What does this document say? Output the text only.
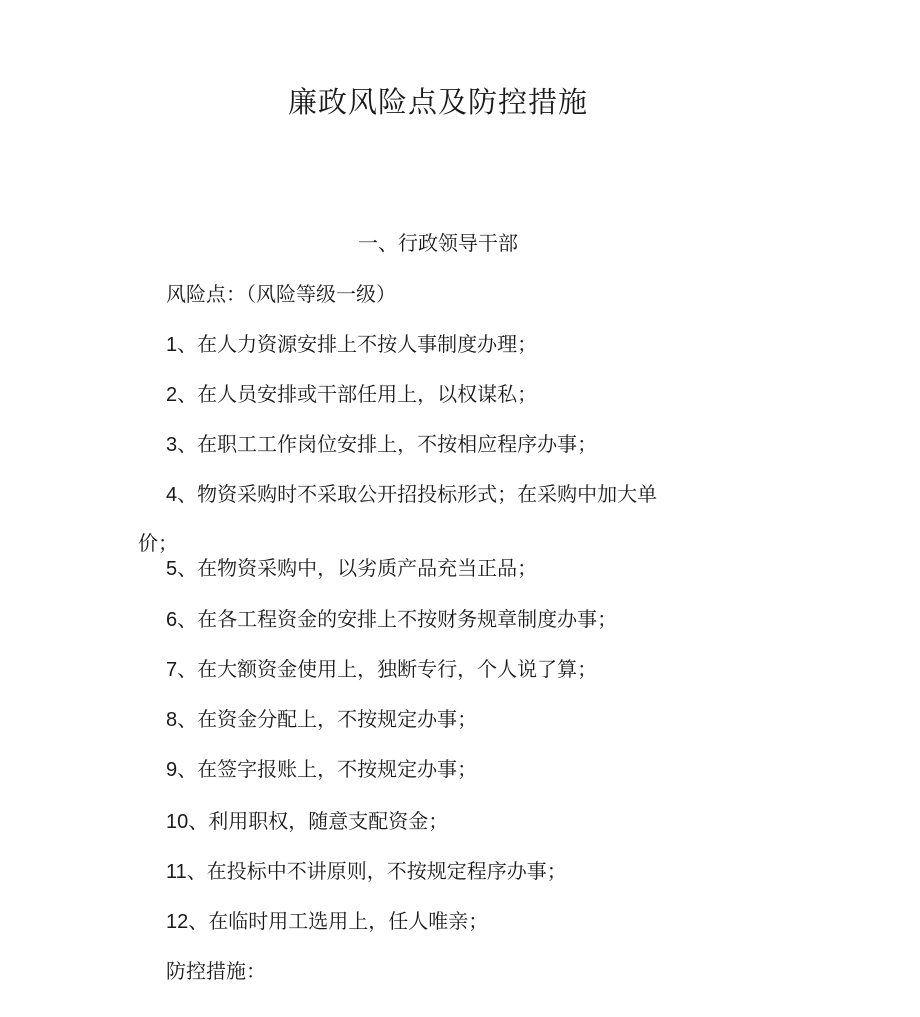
廉政风险点及防控措施
一、行政领导干部

风险点：（风险等级一级）

1、在人力资源安排上不按人事制度办理；

2、在人员安排或干部任用上，以权谋私；

3、在职工工作岗位安排上，不按相应程序办事；

4、物资采购时不采取公开招投标形式；在采购中加大单

价；

5、在物资采购中，以劣质产品充当正品；

6、在各工程资金的安排上不按财务规章制度办事；

7、在大额资金使用上，独断专行，个人说了算；

8、在资金分配上，不按规定办事；

9、在签字报账上，不按规定办事；

10、利用职权，随意支配资金；

11、在投标中不讲原则，不按规定程序办事；

12、在临时用工选用上，任人唯亲；

防控措施：
